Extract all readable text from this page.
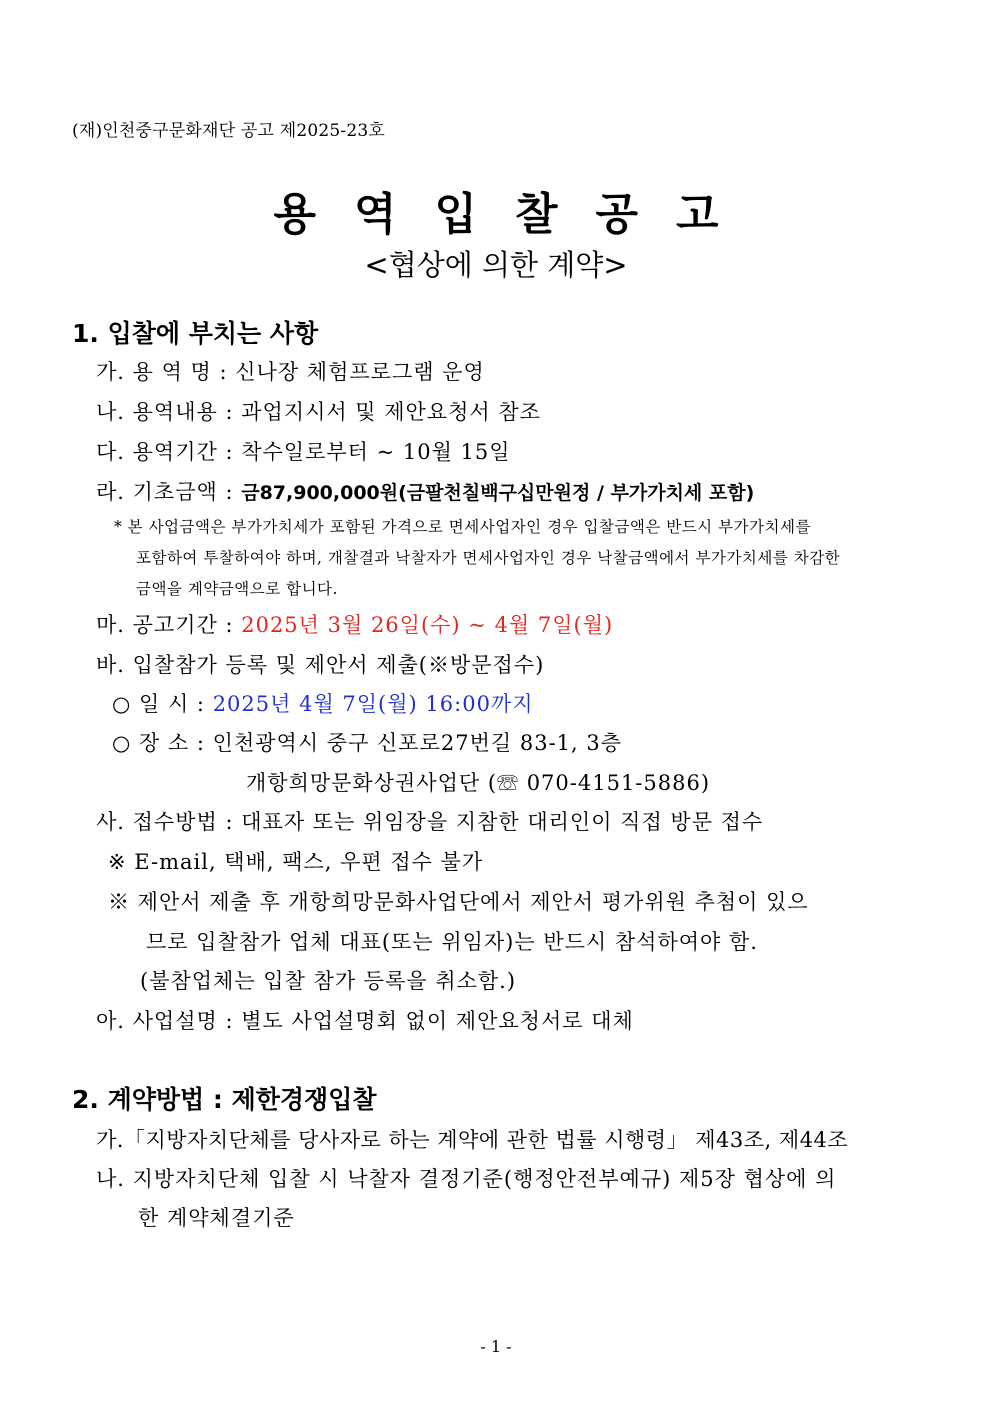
(재)인천중구문화재단 공고 제2025-23호
용역입찰공고
<협상에 의한 계약>
1. 입찰에 부치는 사항
가. 용 역 명 : 신나장 체험프로그램 운영
나. 용역내용 : 과업지시서 및 제안요청서 참조
다. 용역기간 : 착수일로부터 ~ 10월 15일
라. 기초금액 : 금87,900,000원(금팔천칠백구십만원정 / 부가가치세 포함)
* 본 사업금액은 부가가치세가 포함된 가격으로 면세사업자인 경우 입찰금액은 반드시 부가가치세를
포함하여 투찰하여야 하며, 개찰결과 낙찰자가 면세사업자인 경우 낙찰금액에서 부가가치세를 차감한
금액을 계약금액으로 합니다.
마. 공고기간 : 2025년 3월 26일(수) ~ 4월 7일(월)
바. 입찰참가 등록 및 제안서 제출(※방문접수)
○ 일 시 : 2025년 4월 7일(월) 16:00까지
○ 장 소 : 인천광역시 중구 신포로27번길 83-1, 3층
개항희망문화상권사업단 (☏ 070-4151-5886)
사. 접수방법 : 대표자 또는 위임장을 지참한 대리인이 직접 방문 접수
※ E-mail, 택배, 팩스, 우편 접수 불가
※ 제안서 제출 후 개항희망문화사업단에서 제안서 평가위원 추첨이 있으
므로 입찰참가 업체 대표(또는 위임자)는 반드시 참석하여야 함.
(불참업체는 입찰 참가 등록을 취소함.)
아. 사업설명 : 별도 사업설명회 없이 제안요청서로 대체
2. 계약방법 : 제한경쟁입찰
가.「지방자치단체를 당사자로 하는 계약에 관한 법률 시행령」 제43조, 제44조
나. 지방자치단체 입찰 시 낙찰자 결정기준(행정안전부예규) 제5장 협상에 의
한 계약체결기준
- 1 -
